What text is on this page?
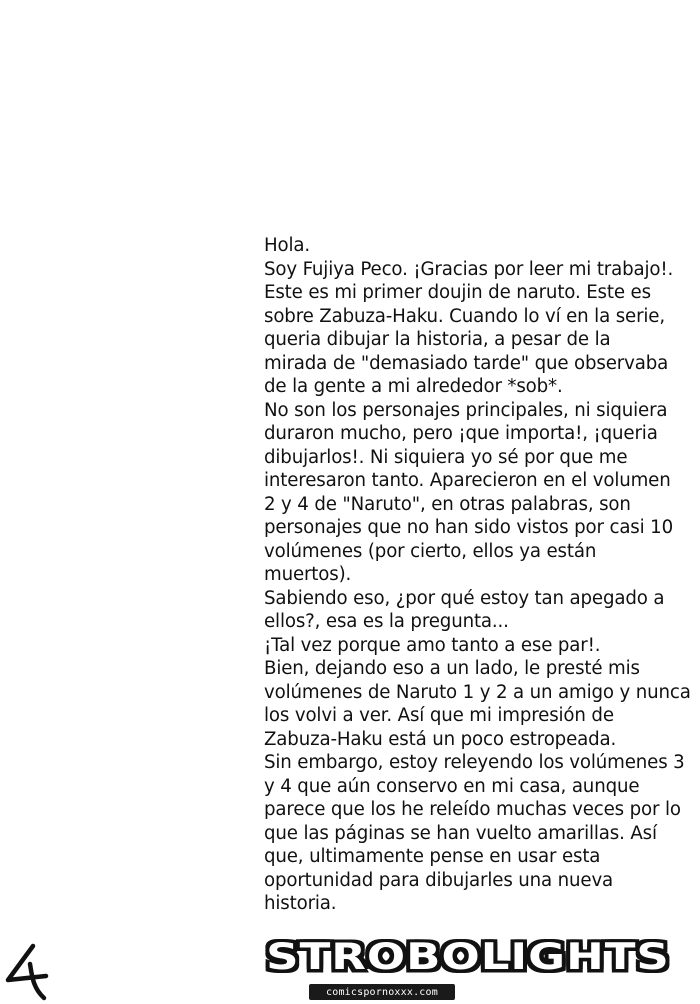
Hola.
Soy Fujiya Peco. ¡Gracias por leer mi trabajo!.
Este es mi primer doujin de naruto. Este es
sobre Zabuza-Haku. Cuando lo ví en la serie,
queria dibujar la historia, a pesar de la
mirada de "demasiado tarde" que observaba
de la gente a mi alrededor *sob*.
No son los personajes principales, ni siquiera
duraron mucho, pero ¡que importa!, ¡queria
dibujarlos!. Ni siquiera yo sé por que me
interesaron tanto. Aparecieron en el volumen
2 y 4 de "Naruto", en otras palabras, son
personajes que no han sido vistos por casi 10
volúmenes (por cierto, ellos ya están
muertos).
Sabiendo eso, ¿por qué estoy tan apegado a
ellos?, esa es la pregunta...
¡Tal vez porque amo tanto a ese par!.
Bien, dejando eso a un lado, le presté mis
volúmenes de Naruto 1 y 2 a un amigo y nunca
los volvi a ver. Así que mi impresión de
Zabuza-Haku está un poco estropeada.
Sin embargo, estoy releyendo los volúmenes 3
y 4 que aún conservo en mi casa, aunque
parece que los he releído muchas veces por lo
que las páginas se han vuelto amarillas. Así
que, ultimamente pense en usar esta
oportunidad para dibujarles una nueva
historia.
STROBOLIGHTS
comicspornoxxx.com
